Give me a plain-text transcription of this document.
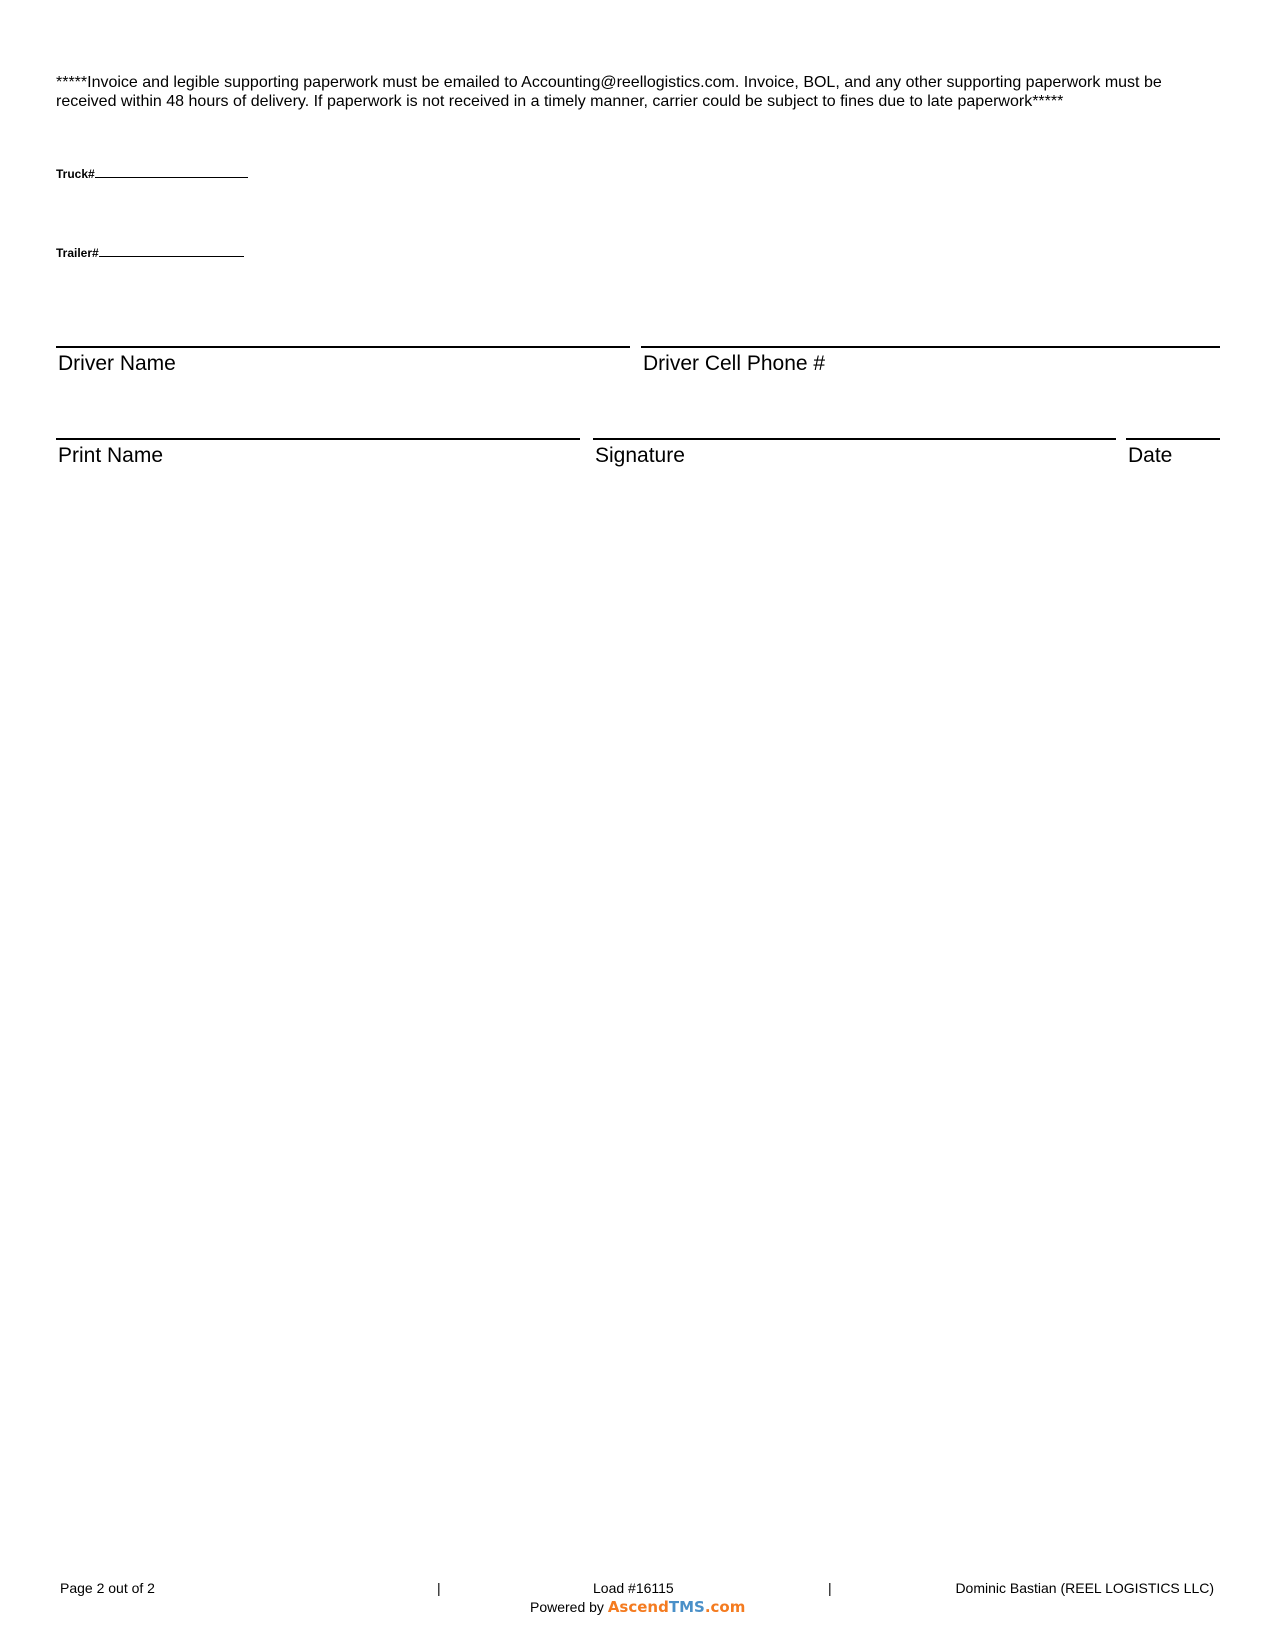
*****Invoice and legible supporting paperwork must be emailed to Accounting@reellogistics.com. Invoice, BOL, and any other supporting paperwork must be received within 48 hours of delivery. If paperwork is not received in a timely manner, carrier could be subject to fines due to late paperwork*****
Truck#
Trailer#
Driver Name	Driver Cell Phone #
Print Name	Signature	Date
Page 2 out of 2	|	Load #16115	|	Dominic Bastian (REEL LOGISTICS LLC)
Powered by AscendTMS.com
